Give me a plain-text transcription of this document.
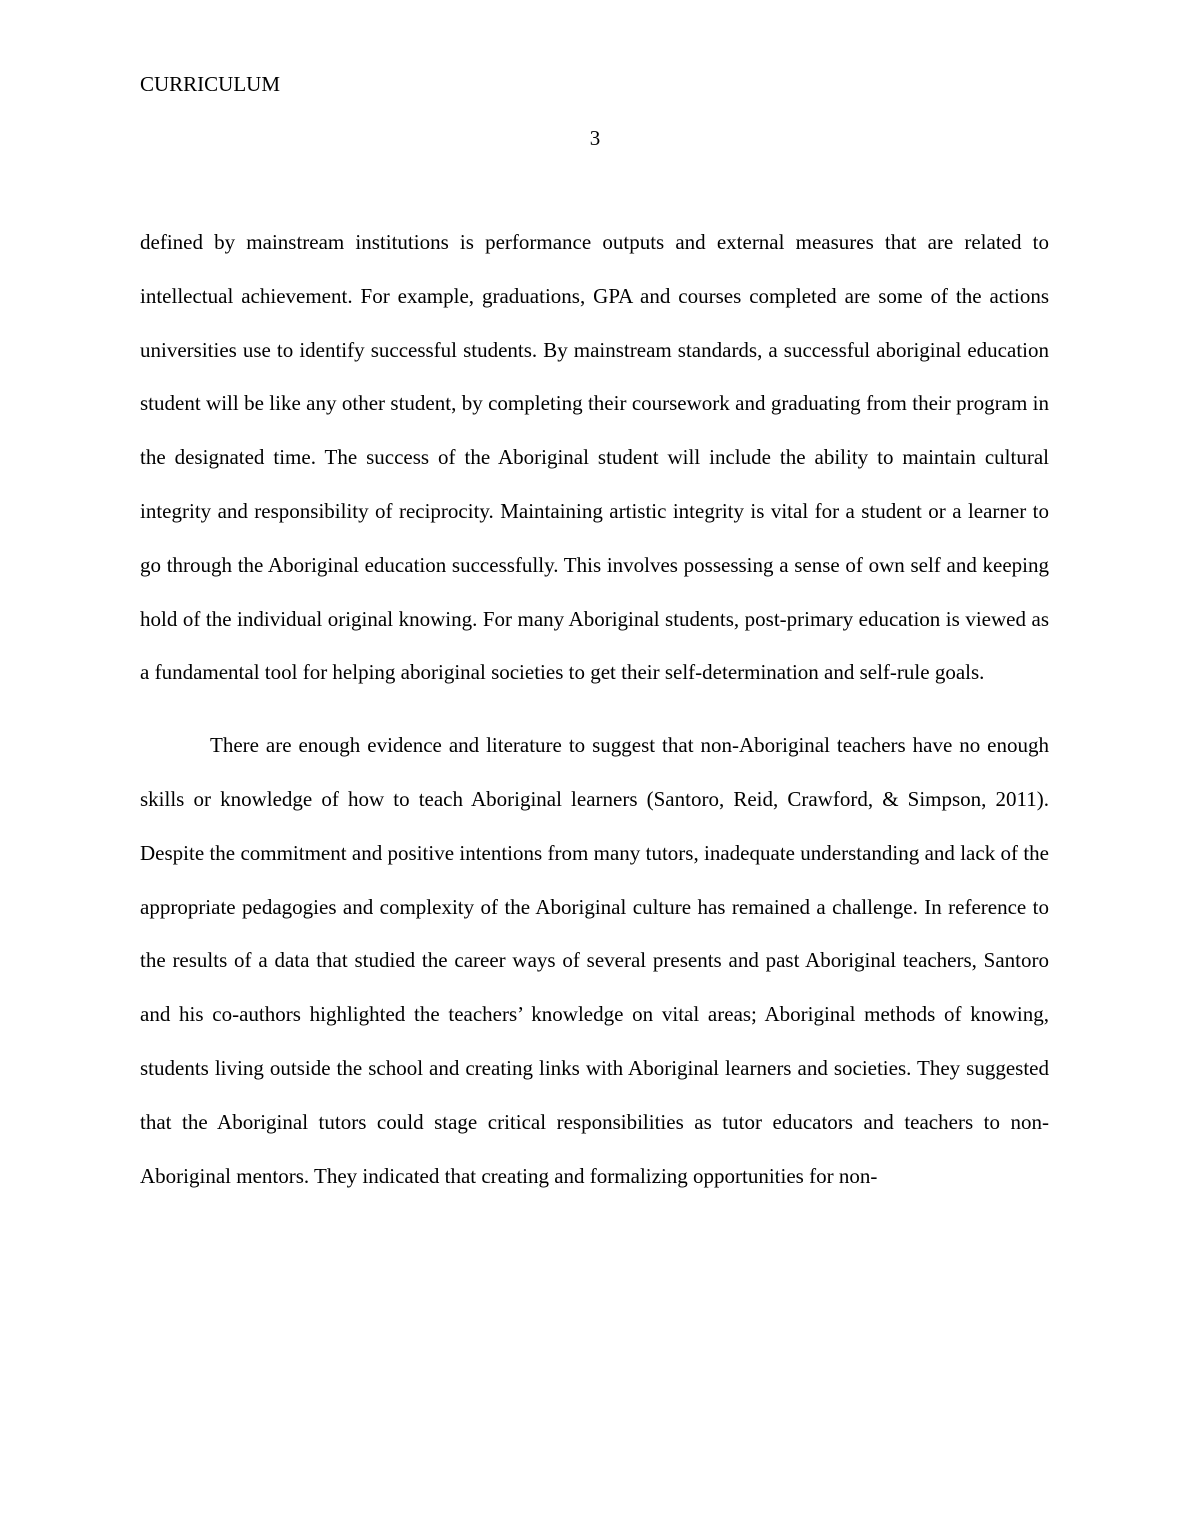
CURRICULUM

3

defined by mainstream institutions is performance outputs and external measures that are related to intellectual achievement. For example, graduations, GPA and courses completed are some of the actions universities use to identify successful students. By mainstream standards, a successful aboriginal education student will be like any other student, by completing their coursework and graduating from their program in the designated time. The success of the Aboriginal student will include the ability to maintain cultural integrity and responsibility of reciprocity. Maintaining artistic integrity is vital for a student or a learner to go through the Aboriginal education successfully. This involves possessing a sense of own self and keeping hold of the individual original knowing. For many Aboriginal students, post-primary education is viewed as a fundamental tool for helping aboriginal societies to get their self-determination and self-rule goals.

There are enough evidence and literature to suggest that non-Aboriginal teachers have no enough skills or knowledge of how to teach Aboriginal learners (Santoro, Reid, Crawford, & Simpson, 2011). Despite the commitment and positive intentions from many tutors, inadequate understanding and lack of the appropriate pedagogies and complexity of the Aboriginal culture has remained a challenge. In reference to the results of a data that studied the career ways of several presents and past Aboriginal teachers, Santoro and his co-authors highlighted the teachers’ knowledge on vital areas; Aboriginal methods of knowing, students living outside the school and creating links with Aboriginal learners and societies. They suggested that the Aboriginal tutors could stage critical responsibilities as tutor educators and teachers to non-Aboriginal mentors. They indicated that creating and formalizing opportunities for non-
